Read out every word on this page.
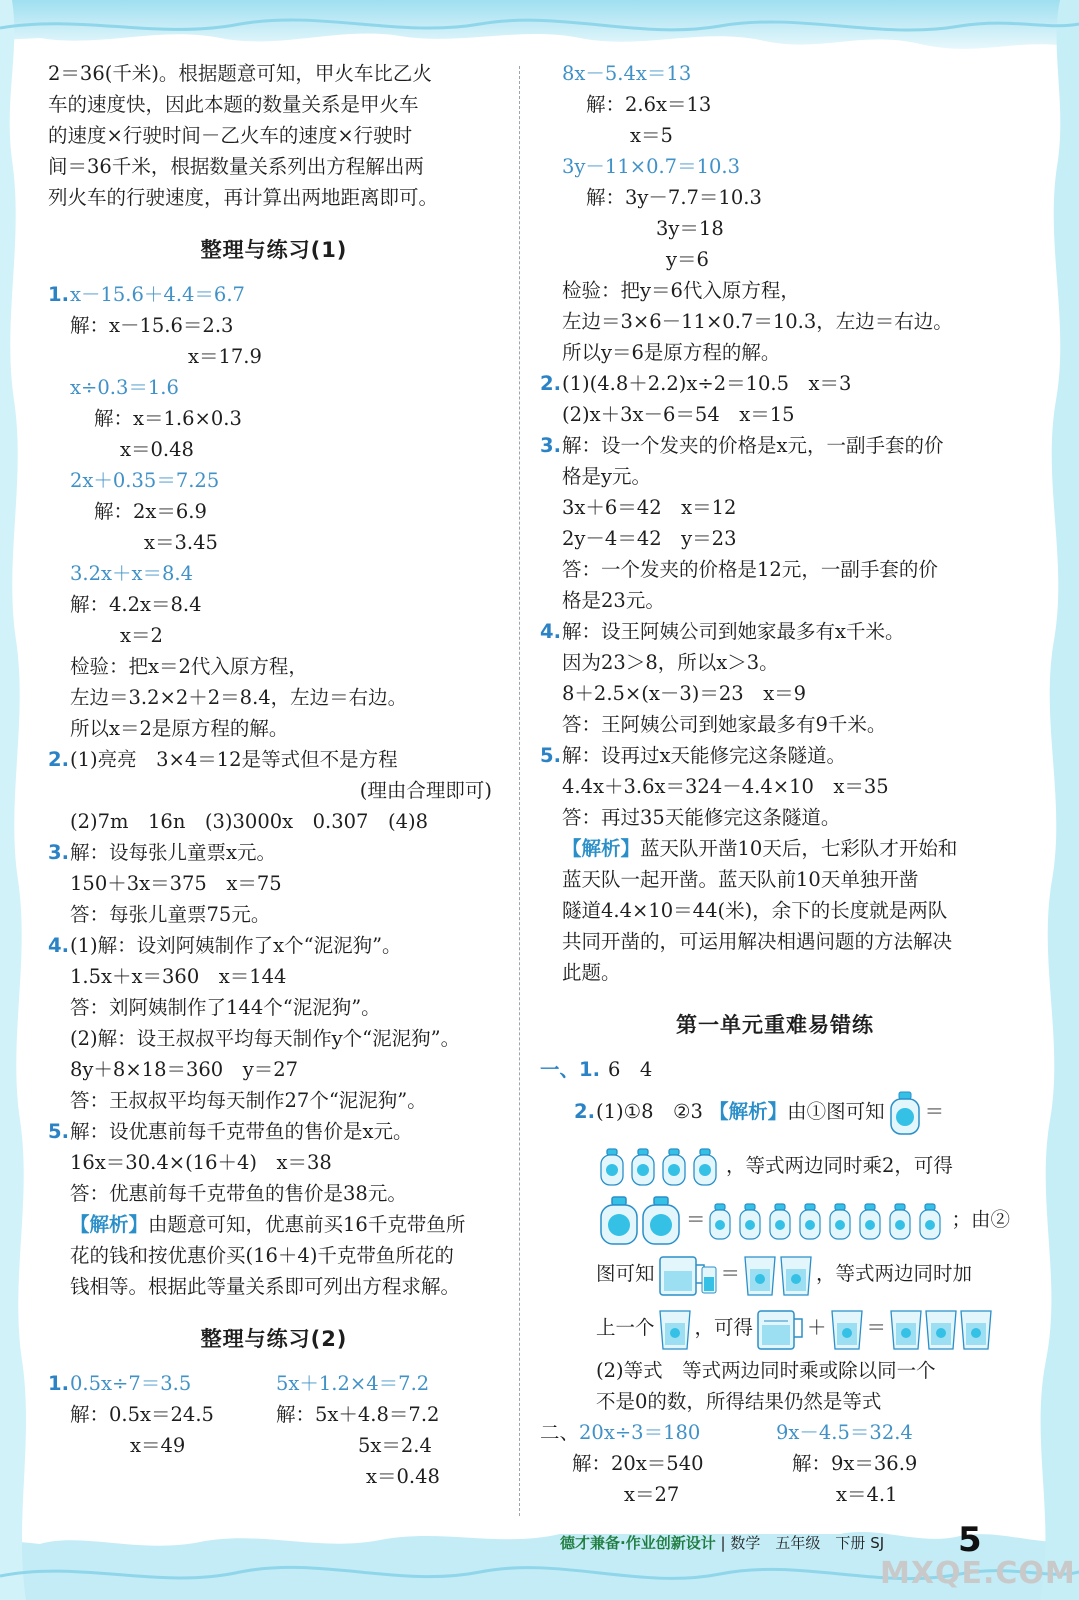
2＝36(千米)。根据题意可知，甲火车比乙火
车的速度快，因此本题的数量关系是甲火车
的速度×行驶时间－乙火车的速度×行驶时
间＝36千米，根据数量关系列出方程解出两
列火车的行驶速度，再计算出两地距离即可。
整理与练习(1)
1.x－15.6＋4.4＝6.7
解：x－15.6＝2.3
x＝17.9
x÷0.3＝1.6
解：x＝1.6×0.3
x＝0.48
2x＋0.35＝7.25
解：2x＝6.9
x＝3.45
3.2x＋x＝8.4
解：4.2x＝8.4
x＝2
检验：把x＝2代入原方程，
左边＝3.2×2＋2＝8.4，左边＝右边。
所以x＝2是原方程的解。
2.(1)亮亮　3×4＝12是等式但不是方程
(理由合理即可)
(2)7m　16n　(3)3000x　0.307　(4)8
3.解：设每张儿童票x元。
150＋3x＝375　x＝75
答：每张儿童票75元。
4.(1)解：设刘阿姨制作了x个“泥泥狗”。
1.5x＋x＝360　x＝144
答：刘阿姨制作了144个“泥泥狗”。
(2)解：设王叔叔平均每天制作y个“泥泥狗”。
8y＋8×18＝360　y＝27
答：王叔叔平均每天制作27个“泥泥狗”。
5.解：设优惠前每千克带鱼的售价是x元。
16x＝30.4×(16＋4)　x＝38
答：优惠前每千克带鱼的售价是38元。
【解析】由题意可知，优惠前买16千克带鱼所
花的钱和按优惠价买(16＋4)千克带鱼所花的
钱相等。根据此等量关系即可列出方程求解。
整理与练习(2)
1.0.5x÷7＝3.5	5x＋1.2×4＝7.2
解：0.5x＝24.5	解：5x＋4.8＝7.2
x＝49	5x＝2.4
x＝0.48
8x－5.4x＝13
解：2.6x＝13
x＝5
3y－11×0.7＝10.3
解：3y－7.7＝10.3
3y＝18
y＝6
检验：把y＝6代入原方程，
左边＝3×6－11×0.7＝10.3，左边＝右边。
所以y＝6是原方程的解。
2.(1)(4.8＋2.2)x÷2＝10.5　x＝3
(2)x＋3x－6＝54　x＝15
3.解：设一个发夹的价格是x元，一副手套的价
格是y元。
3x＋6＝42　x＝12
2y－4＝42　y＝23
答：一个发夹的价格是12元，一副手套的价
格是23元。
4.解：设王阿姨公司到她家最多有x千米。
因为23＞8，所以x＞3。
8＋2.5×(x－3)＝23　x＝9
答：王阿姨公司到她家最多有9千米。
5.解：设再过x天能修完这条隧道。
4.4x＋3.6x＝324－4.4×10　x＝35
答：再过35天能修完这条隧道。
【解析】蓝天队开凿10天后，七彩队才开始和
蓝天队一起开凿。蓝天队前10天单独开凿
隧道4.4×10＝44(米)，余下的长度就是两队
共同开凿的，可运用解决相遇问题的方法解决
此题。
第一单元重难易错练
一、1. 6　4
2.(1)①8　②3 【解析】由①图可知 ＝
，等式两边同时乘2，可得
＝	；由②
图可知	＝	，等式两边同时加
上一个 ，可得	＋ ＝
(2)等式　等式两边同时乘或除以同一个
不是0的数，所得结果仍然是等式
二、20x÷3＝180	9x－4.5＝32.4
解：20x＝540	解：9x＝36.9
x＝27	x＝4.1
德才兼备·作业创新设计 | 数学　 五年级　 下册 SJ 5
MXQE.COM
